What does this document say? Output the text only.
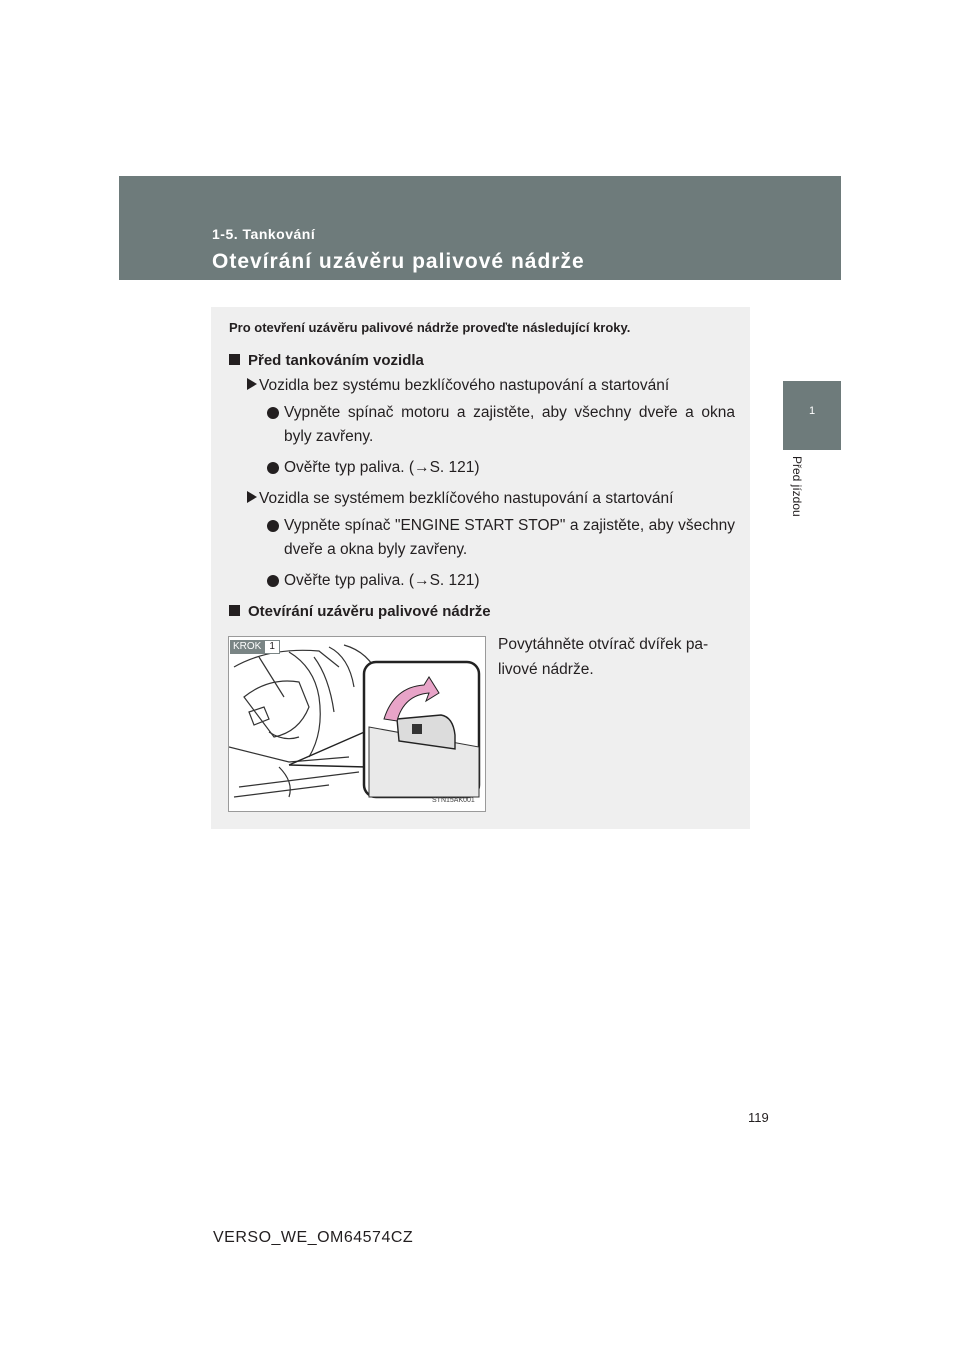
1-5. Tankování
Otevírání uzávěru palivové nádrže
1
Před jízdou
Pro otevření uzávěru palivové nádrže proveďte následující kroky.
Před tankováním vozidla
Vozidla bez systému bezklíčového nastupování a startování
Vypněte spínač motoru a zajistěte, aby všechny dveře a okna byly zavřeny.
Ověřte typ paliva. (→S. 121)
Vozidla se systémem bezklíčového nastupování a startování
Vypněte spínač "ENGINE START STOP" a zajistěte, aby všechny dveře a okna byly zavřeny.
Ověřte typ paliva. (→S. 121)
Otevírání uzávěru palivové nádrže
KROK 1
STN15AK001
Povytáhněte otvírač dvířek pa- livové nádrže.
119
VERSO_WE_OM64574CZ
